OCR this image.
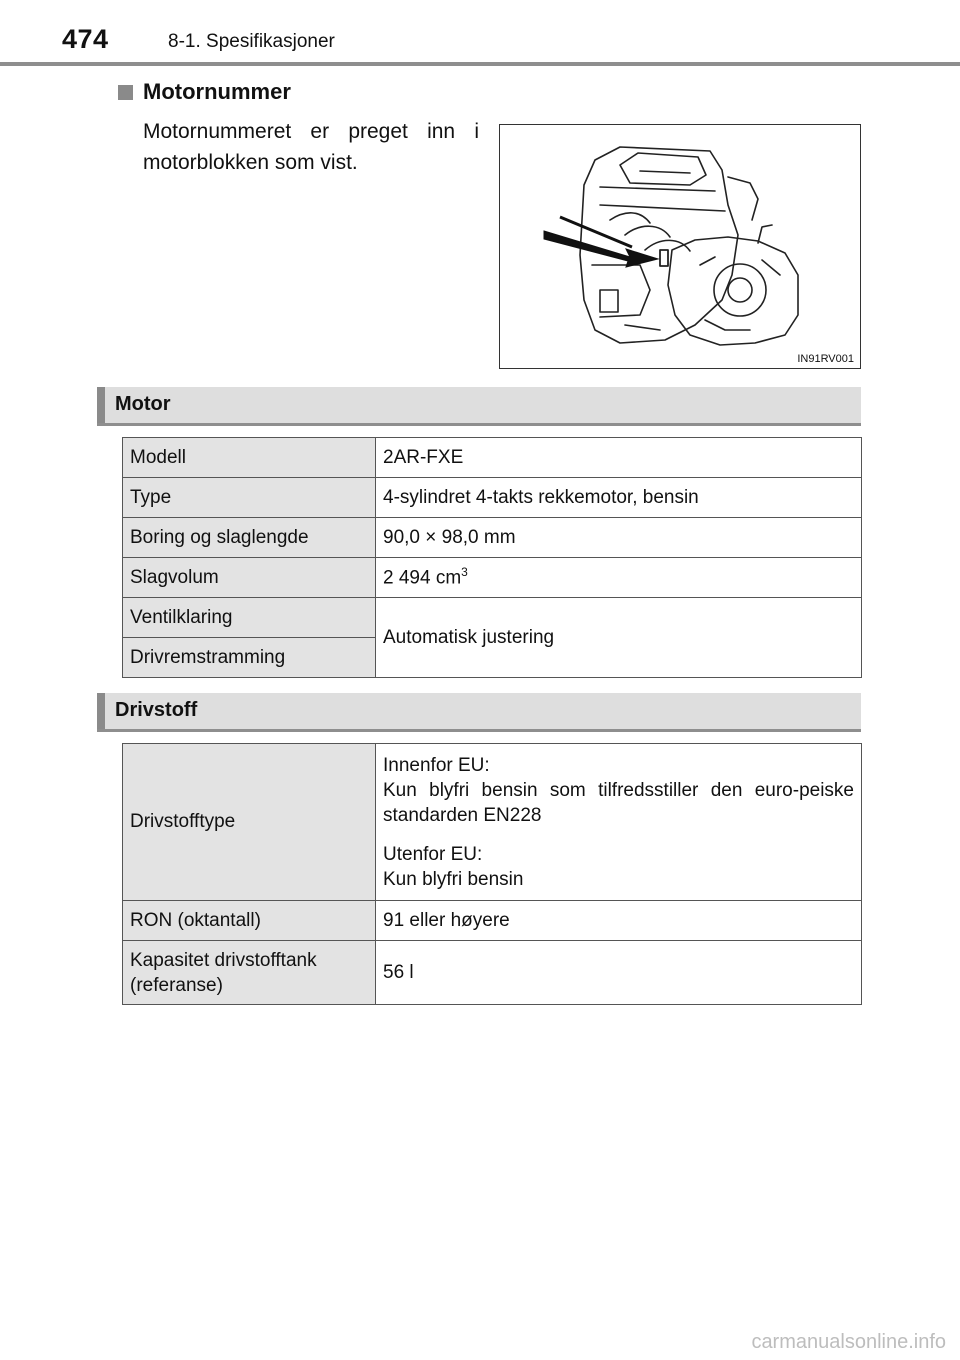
474	8-1. Spesifikasjoner
Motornummer
Motornummeret er preget inn i motorblokken som vist.
IN91RV001
Motor
Modell	2AR-FXE
Type	4-sylindret 4-takts rekkemotor, bensin
Boring og slaglengde	90,0 × 98,0 mm
Slagvolum	2 494 $cm^3$
Ventilklaring	Automatisk justering
Drivremstramming	
Drivstoff
Drivstofftype	Innenfor EU:
Kun blyfri bensin som tilfredsstiller den euro-peiske standarden EN228

Utenfor EU:
Kun blyfri bensin

RON (oktantall)	91 eller høyere
Kapasitet drivstofftank (referanse)	56 l
carmanualsonline.info
